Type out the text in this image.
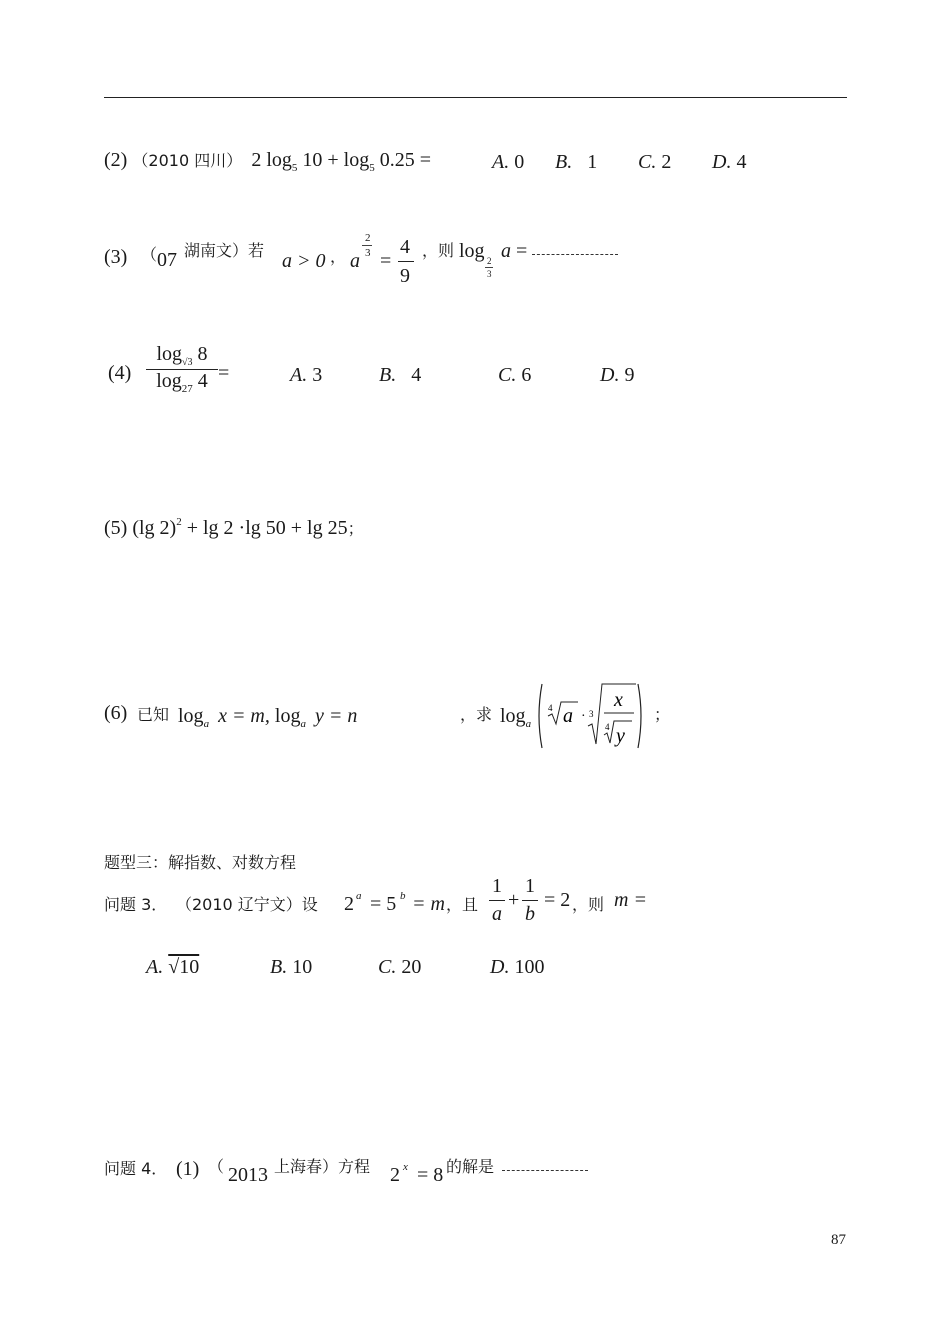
(2) （2010 四川） 2 $\log_5 10 + \log_5 0.25$ =	A. 0 B. 1 C. 2 D. 4
(3) （ 07 湖南文）若 a > 0 ， a
2
3 =
4
9
，则 log 2
3
a =
(4)
$\log_{√3} 8$
$\log_{27} 4$ =	A. 3	B. 4	C. 6	D. 9
(5) (lg 2)$^2$ + lg 2 ·lg 50 + lg 25；
(6) 已知 $\log_a x = m$, $\log_a y = n$	，求 $\log_a$
4 a · 3
x
4 y
；
题型三：解指数、对数方程
问题 3． （2010 辽宁文）设 2 a = 5 b = m ，且
1
a
+
1
b
= 2 ，则 m =
A. √10	B. 10	C. 20	D. 100
问题 4． (1) （ 2013 上海春）方程 2 x = 8 的解是
87
